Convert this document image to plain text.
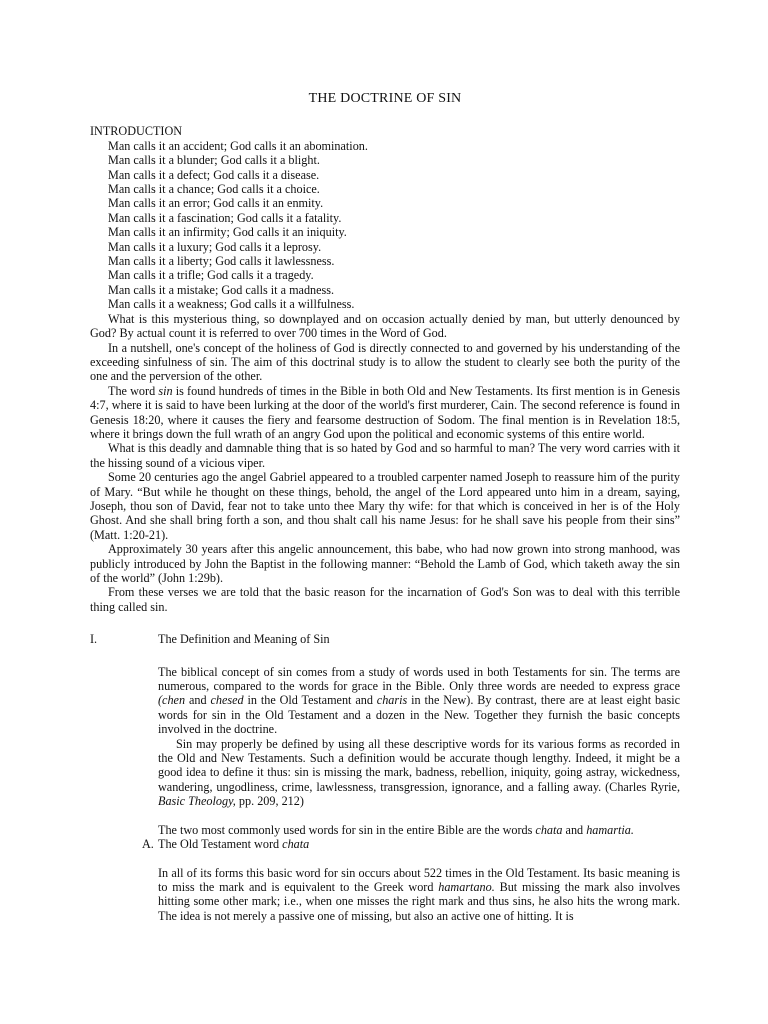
THE DOCTRINE OF SIN
INTRODUCTION
Man calls it an accident; God calls it an abomination.
Man calls it a blunder; God calls it a blight.
Man calls it a defect; God calls it a disease.
Man calls it a chance; God calls it a choice.
Man calls it an error; God calls it an enmity.
Man calls it a fascination; God calls it a fatality.
Man calls it an infirmity; God calls it an iniquity.
Man calls it a luxury; God calls it a leprosy.
Man calls it a liberty; God calls it lawlessness.
Man calls it a trifle; God calls it a tragedy.
Man calls it a mistake; God calls it a madness.
Man calls it a weakness; God calls it a willfulness.

What is this mysterious thing, so downplayed and on occasion actually denied by man, but utterly denounced by God? By actual count it is referred to over 700 times in the Word of God.

In a nutshell, one's concept of the holiness of God is directly connected to and governed by his understanding of the exceeding sinfulness of sin. The aim of this doctrinal study is to allow the student to clearly see both the purity of the one and the perversion of the other.

The word sin is found hundreds of times in the Bible in both Old and New Testaments. Its first mention is in Genesis 4:7, where it is said to have been lurking at the door of the world's first murderer, Cain. The second reference is found in Genesis 18:20, where it causes the fiery and fearsome destruction of Sodom. The final mention is in Revelation 18:5, where it brings down the full wrath of an angry God upon the political and economic systems of this entire world.

What is this deadly and damnable thing that is so hated by God and so harmful to man? The very word carries with it the hissing sound of a vicious viper.

Some 20 centuries ago the angel Gabriel appeared to a troubled carpenter named Joseph to reassure him of the purity of Mary. “But while he thought on these things, behold, the angel of the Lord appeared unto him in a dream, saying, Joseph, thou son of David, fear not to take unto thee Mary thy wife: for that which is conceived in her is of the Holy Ghost. And she shall bring forth a son, and thou shalt call his name Jesus: for he shall save his people from their sins” (Matt. 1:20-21).

Approximately 30 years after this angelic announcement, this babe, who had now grown into strong manhood, was publicly introduced by John the Baptist in the following manner: “Behold the Lamb of God, which taketh away the sin of the world” (John 1:29b).

From these verses we are told that the basic reason for the incarnation of God's Son was to deal with this terrible thing called sin.

I.	The Definition and Meaning of Sin

The biblical concept of sin comes from a study of words used in both Testaments for sin. The terms are numerous, compared to the words for grace in the Bible. Only three words are needed to express grace (chen and chesed in the Old Testament and charis in the New). By contrast, there are at least eight basic words for sin in the Old Testament and a dozen in the New. Together they furnish the basic concepts involved in the doctrine.

Sin may properly be defined by using all these descriptive words for its various forms as recorded in the Old and New Testaments. Such a definition would be accurate though lengthy. Indeed, it might be a good idea to define it thus: sin is missing the mark, badness, rebellion, iniquity, going astray, wickedness, wandering, ungodliness, crime, lawlessness, transgression, ignorance, and a falling away. (Charles Ryrie, Basic Theology, pp. 209, 212)

The two most commonly used words for sin in the entire Bible are the words chata and hamartia.

A. The Old Testament word chata

In all of its forms this basic word for sin occurs about 522 times in the Old Testament. Its basic meaning is to miss the mark and is equivalent to the Greek word hamartano. But missing the mark also involves hitting some other mark; i.e., when one misses the right mark and thus sins, he also hits the wrong mark. The idea is not merely a passive one of missing, but also an active one of hitting. It is
